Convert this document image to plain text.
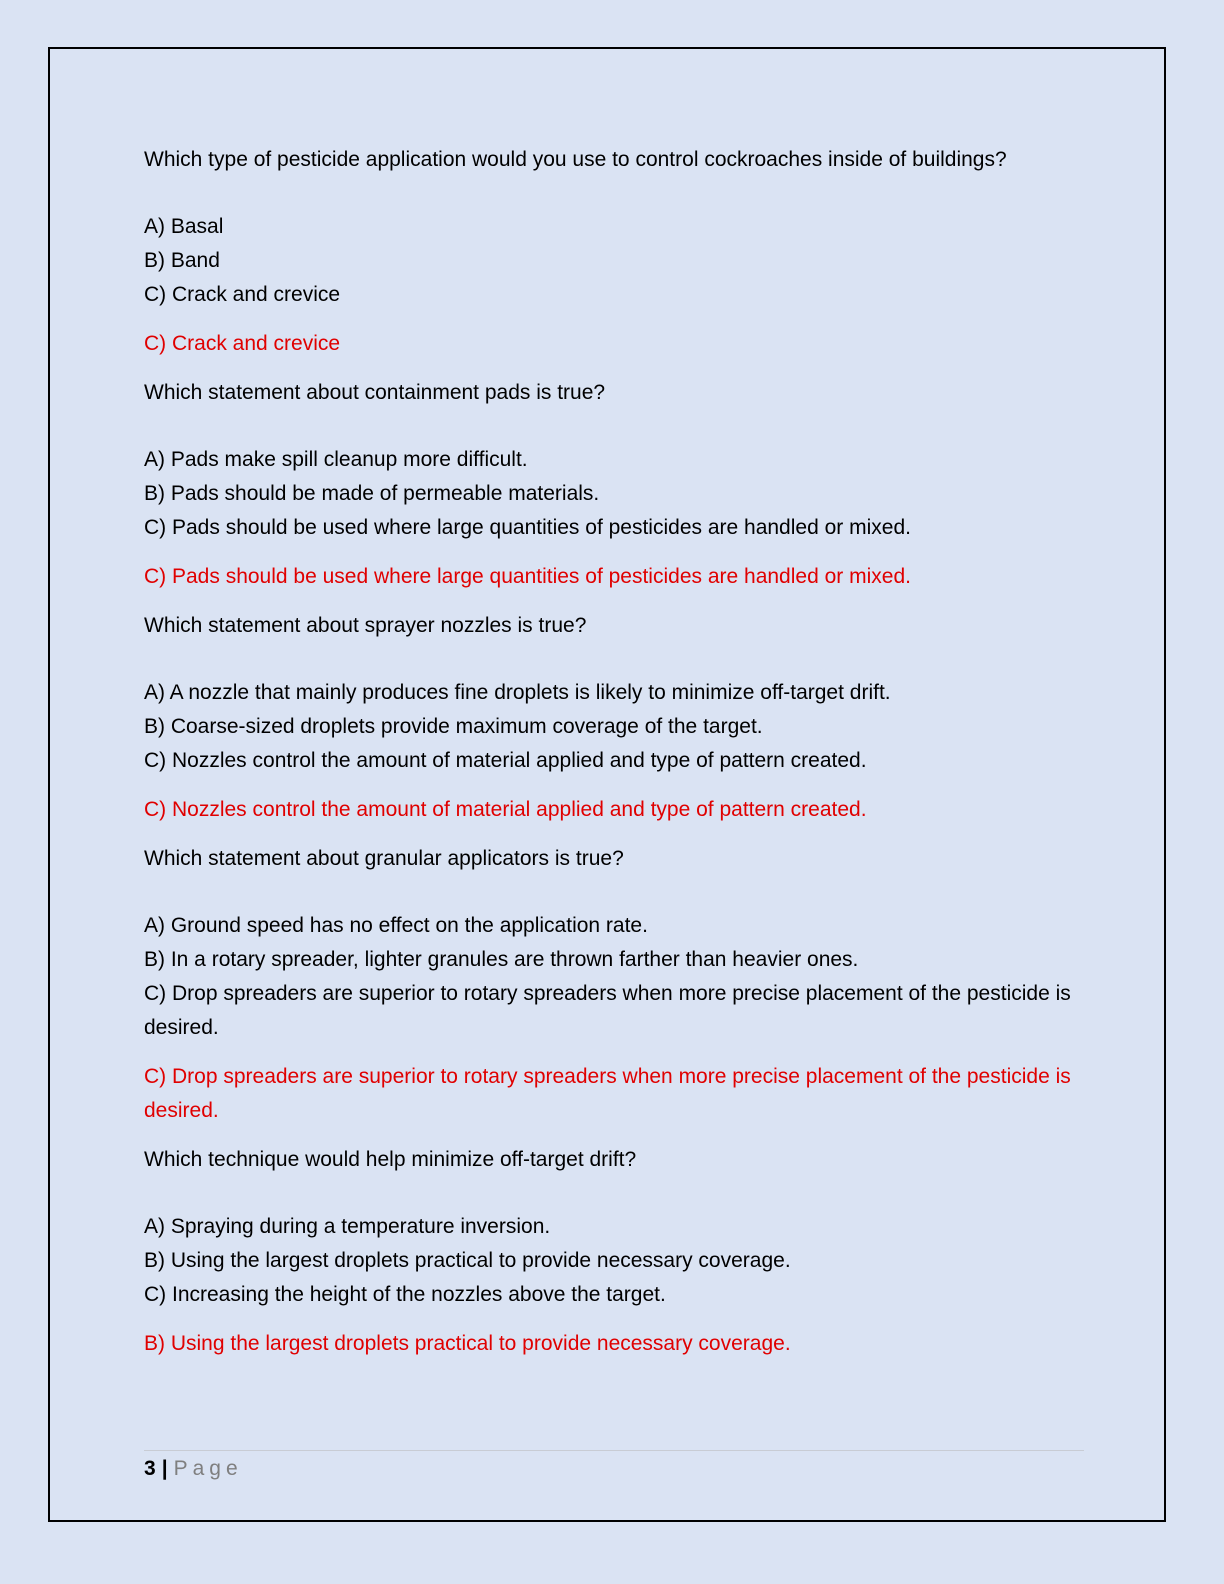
Which type of pesticide application would you use to control cockroaches inside of buildings?

A) Basal

B) Band

C) Crack and crevice

C) Crack and crevice

Which statement about containment pads is true?

A) Pads make spill cleanup more difficult.

B) Pads should be made of permeable materials.

C) Pads should be used where large quantities of pesticides are handled or mixed.

C) Pads should be used where large quantities of pesticides are handled or mixed.

Which statement about sprayer nozzles is true?

A) A nozzle that mainly produces fine droplets is likely to minimize off-target drift.

B) Coarse-sized droplets provide maximum coverage of the target.

C) Nozzles control the amount of material applied and type of pattern created.

C) Nozzles control the amount of material applied and type of pattern created.

Which statement about granular applicators is true?

A) Ground speed has no effect on the application rate.

B) In a rotary spreader, lighter granules are thrown farther than heavier ones.

C) Drop spreaders are superior to rotary spreaders when more precise placement of the pesticide is desired.

C) Drop spreaders are superior to rotary spreaders when more precise placement of the pesticide is desired.

Which technique would help minimize off-target drift?

A) Spraying during a temperature inversion.

B) Using the largest droplets practical to provide necessary coverage.

C) Increasing the height of the nozzles above the target.

B) Using the largest droplets practical to provide necessary coverage.

3 | Page
